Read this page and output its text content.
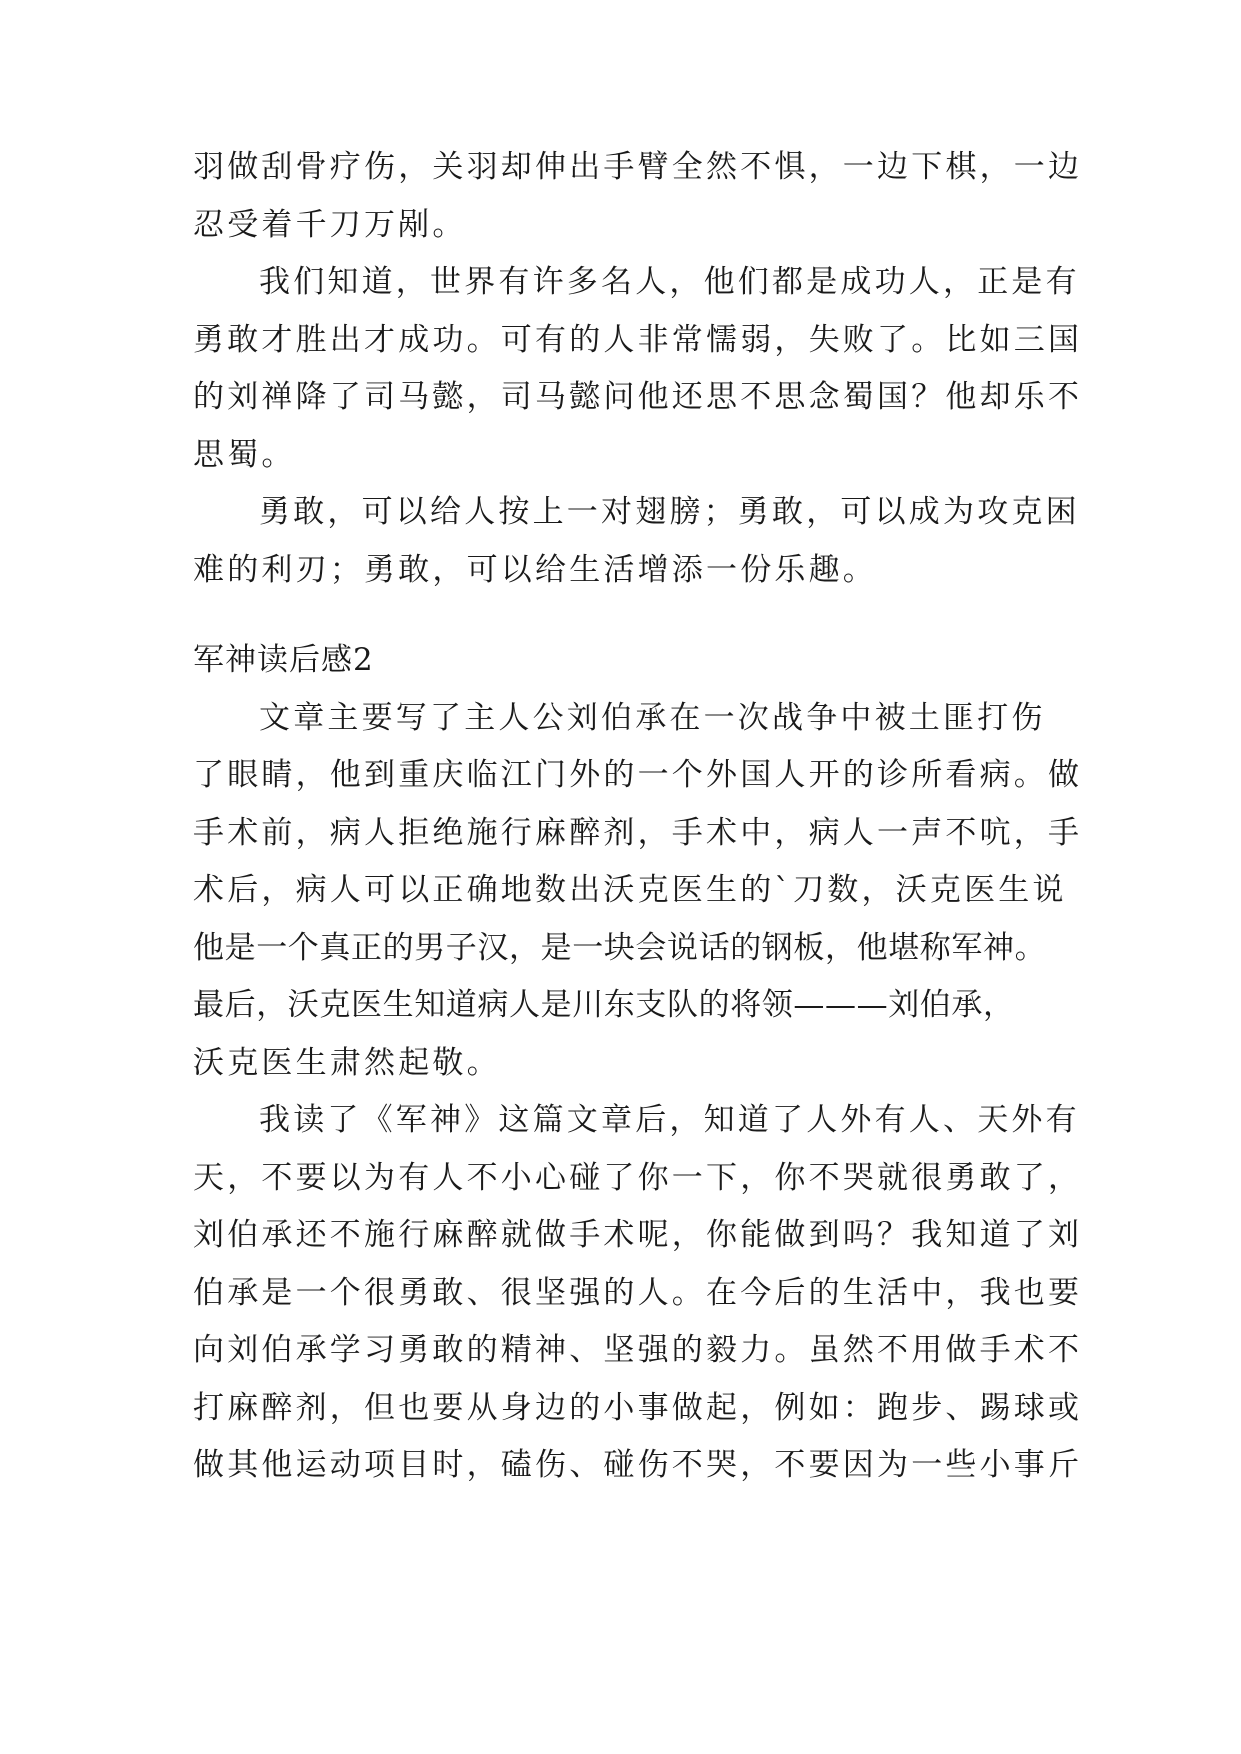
羽做刮骨疗伤，关羽却伸出手臂全然不惧，一边下棋，一边
忍受着千刀万剐。
我们知道，世界有许多名人，他们都是成功人，正是有
勇敢才胜出才成功。可有的人非常懦弱，失败了。比如三国
的刘禅降了司马懿，司马懿问他还思不思念蜀国？他却乐不
思蜀。
勇敢，可以给人按上一对翅膀；勇敢，可以成为攻克困
难的利刃；勇敢，可以给生活增添一份乐趣。
军神读后感2
文章主要写了主人公刘伯承在一次战争中被土匪打伤
了眼睛，他到重庆临江门外的一个外国人开的诊所看病。做
手术前，病人拒绝施行麻醉剂，手术中，病人一声不吭，手
术后，病人可以正确地数出沃克医生的`刀数，沃克医生说
他是一个真正的男子汉，是一块会说话的钢板，他堪称军神。
最后，沃克医生知道病人是川东支队的将领———刘伯承，
沃克医生肃然起敬。
我读了《军神》这篇文章后，知道了人外有人、天外有
天，不要以为有人不小心碰了你一下，你不哭就很勇敢了，
刘伯承还不施行麻醉就做手术呢，你能做到吗？我知道了刘
伯承是一个很勇敢、很坚强的人。在今后的生活中，我也要
向刘伯承学习勇敢的精神、坚强的毅力。虽然不用做手术不
打麻醉剂，但也要从身边的小事做起，例如：跑步、踢球或
做其他运动项目时，磕伤、碰伤不哭，不要因为一些小事斤
